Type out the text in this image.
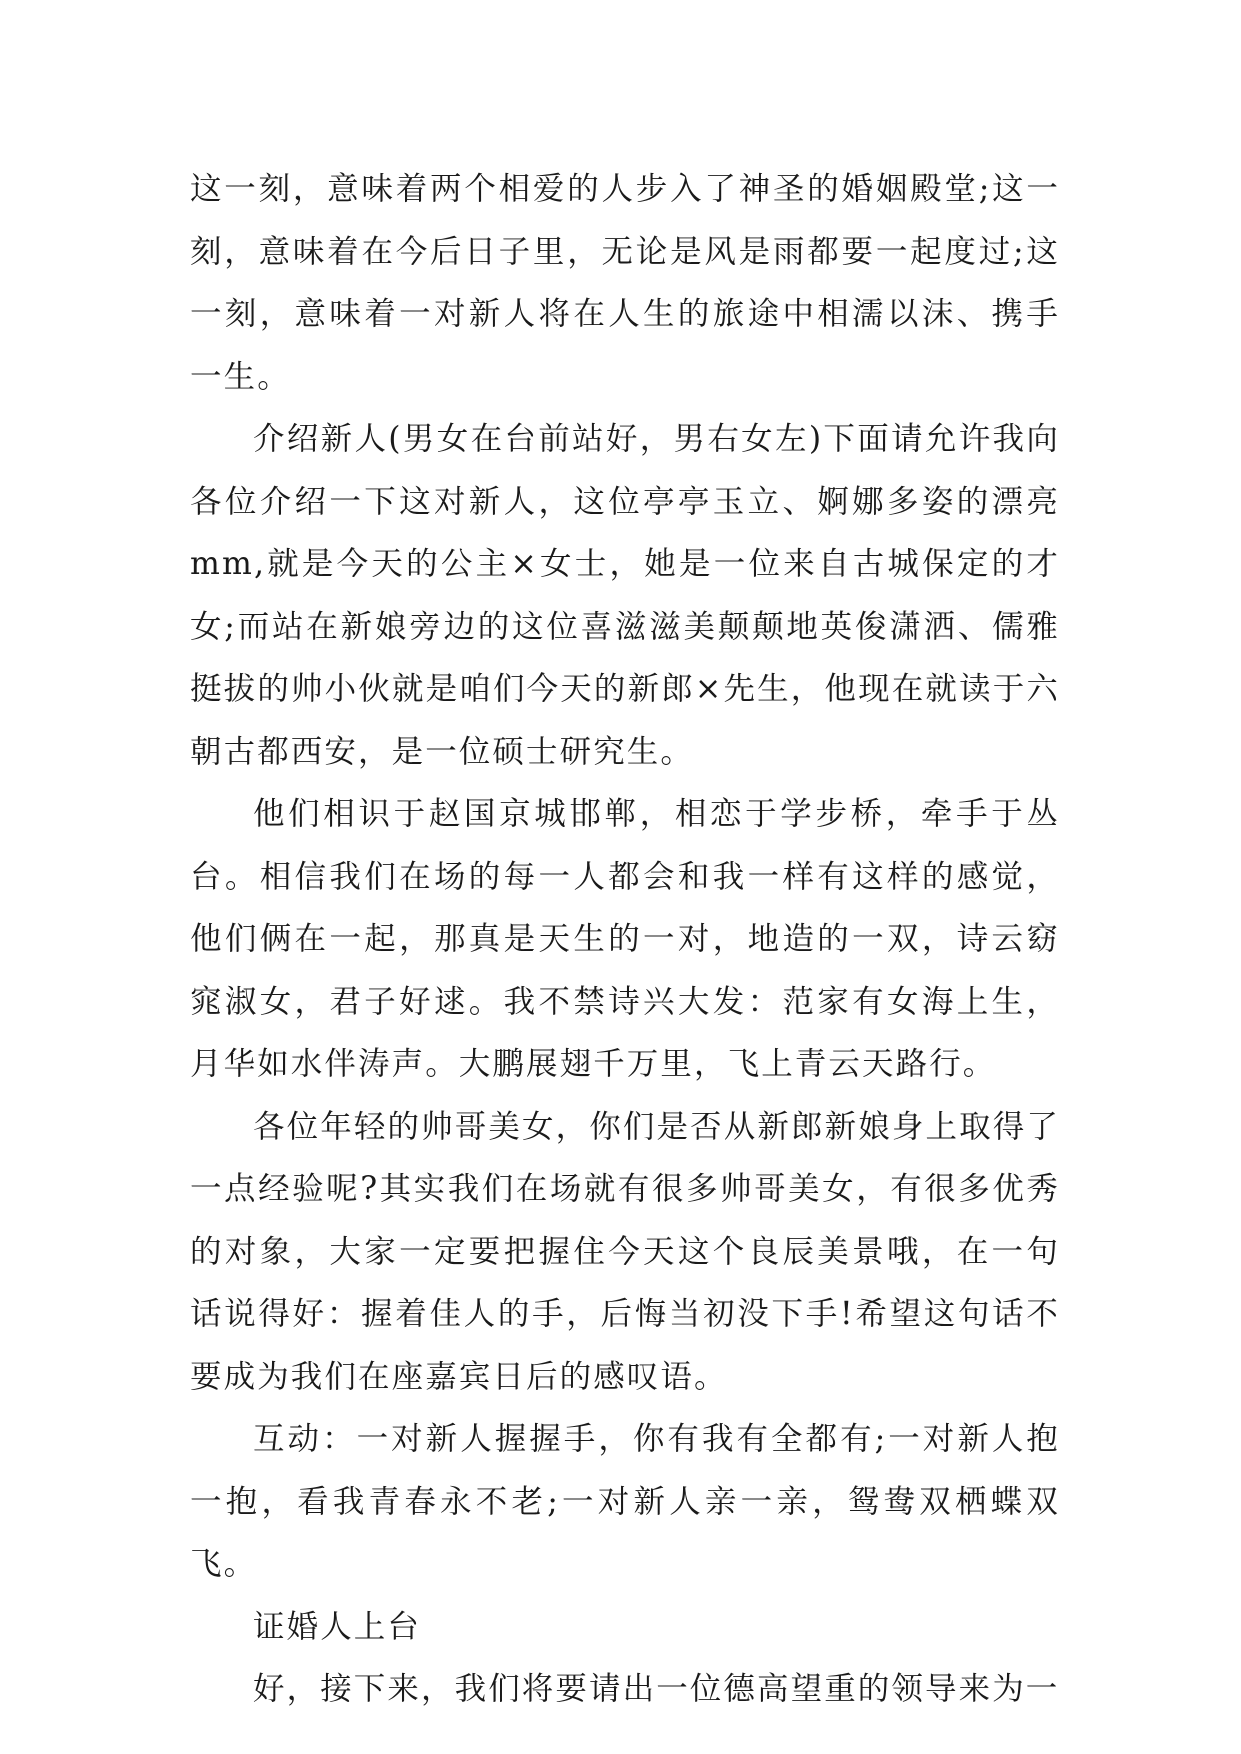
这一刻，意味着两个相爱的人步入了神圣的婚姻殿堂;这一刻，意味着在今后日子里，无论是风是雨都要一起度过;这一刻，意味着一对新人将在人生的旅途中相濡以沫、携手一生。

介绍新人(男女在台前站好，男右女左)下面请允许我向各位介绍一下这对新人，这位亭亭玉立、婀娜多姿的漂亮mm,就是今天的公主×女士，她是一位来自古城保定的才女;而站在新娘旁边的这位喜滋滋美颠颠地英俊潇洒、儒雅挺拔的帅小伙就是咱们今天的新郎×先生，他现在就读于六朝古都西安，是一位硕士研究生。

他们相识于赵国京城邯郸，相恋于学步桥，牵手于丛台。相信我们在场的每一人都会和我一样有这样的感觉，他们俩在一起，那真是天生的一对，地造的一双，诗云窈窕淑女，君子好逑。我不禁诗兴大发：范家有女海上生，月华如水伴涛声。大鹏展翅千万里，飞上青云天路行。

各位年轻的帅哥美女，你们是否从新郎新娘身上取得了一点经验呢?其实我们在场就有很多帅哥美女，有很多优秀的对象，大家一定要把握住今天这个良辰美景哦，在一句话说得好：握着佳人的手，后悔当初没下手!希望这句话不要成为我们在座嘉宾日后的感叹语。

互动：一对新人握握手，你有我有全都有;一对新人抱一抱，看我青春永不老;一对新人亲一亲，鸳鸯双栖蝶双飞。

证婚人上台

好，接下来，我们将要请出一位德高望重的领导来为一
